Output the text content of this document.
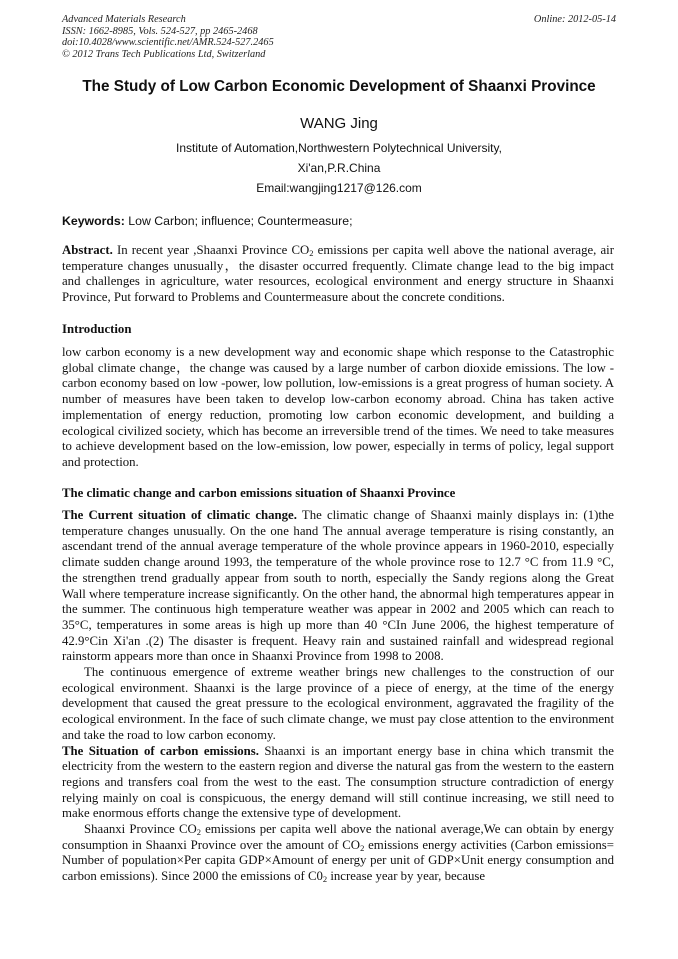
Advanced Materials Research
ISSN: 1662-8985, Vols. 524-527, pp 2465-2468
doi:10.4028/www.scientific.net/AMR.524-527.2465
© 2012 Trans Tech Publications Ltd, Switzerland
Online: 2012-05-14
The Study of Low Carbon Economic Development of Shaanxi Province
WANG Jing
Institute of Automation,Northwestern Polytechnical University,
Xi'an,P.R.China
Email:wangjing1217@126.com
Keywords: Low Carbon; influence; Countermeasure;
Abstract. In recent year ,Shaanxi Province $CO_2$ emissions per capita well above the national average, air temperature changes unusually，the disaster occurred frequently. Climate change lead to the big impact and challenges in agriculture, water resources, ecological environment and energy structure in Shaanxi Province, Put forward to Problems and Countermeasure about the concrete conditions.
Introduction
low carbon economy is a new development way and economic shape which response to the Catastrophic global climate change，the change was caused by a large number of carbon dioxide emissions. The low -carbon economy based on low -power, low pollution, low-emissions is a great progress of human society. A number of measures have been taken to develop low-carbon economy abroad. China has taken active implementation of energy reduction, promoting low carbon economic development, and building a ecological civilized society, which has become an irreversible trend of the times. We need to take measures to achieve development based on the low-emission, low power, especially in terms of policy, legal support and protection.
The climatic change and carbon emissions situation of Shaanxi Province
The Current situation of climatic change. The climatic change of Shaanxi mainly displays in: (1)the temperature changes unusually. On the one hand The annual average temperature is rising constantly, an ascendant trend of the annual average temperature of the whole province appears in 1960-2010, especially climate sudden change around 1993, the temperature of the whole province rose to 12.7 °C from 11.9 °C, the strengthen trend gradually appear from south to north, especially the Sandy regions along the Great Wall where temperature increase significantly. On the other hand, the abnormal high temperatures appear in the summer. The continuous high temperature weather was appear in 2002 and 2005 which can reach to 35°C, temperatures in some areas is high up more than 40 °CIn June 2006, the highest temperature of 42.9°Cin Xi'an .(2) The disaster is frequent. Heavy rain and sustained rainfall and widespread regional rainstorm appears more than once in Shaanxi Province from 1998 to 2008.
The continuous emergence of extreme weather brings new challenges to the construction of our ecological environment. Shaanxi is the large province of a piece of energy, at the time of the energy development that caused the great pressure to the ecological environment, aggravated the fragility of the ecological environment. In the face of such climate change, we must pay close attention to the environment and take the road to low carbon economy.
The Situation of carbon emissions. Shaanxi is an important energy base in china which transmit the electricity from the western to the eastern region and diverse the natural gas from the western to the eastern regions and transfers coal from the west to the east. The consumption structure contradiction of energy relying mainly on coal is conspicuous, the energy demand will still continue increasing, we still need to make enormous efforts change the extensive type of development.
Shaanxi Province $CO_2$ emissions per capita well above the national average,We can obtain by energy consumption in Shaanxi Province over the amount of $CO_2$ emissions energy activities (Carbon emissions= Number of population×Per capita GDP×Amount of energy per unit of GDP×Unit energy consumption and carbon emissions). Since 2000 the emissions of $C0_2$ increase year by year, because
